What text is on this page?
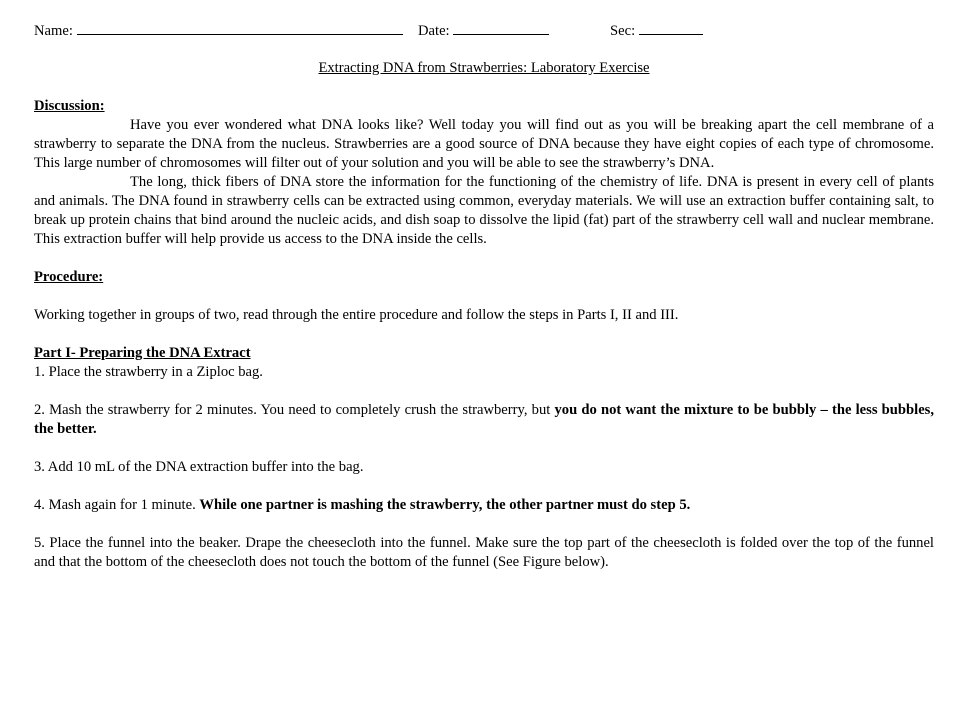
Name:	Date:	Sec:
Extracting DNA from Strawberries: Laboratory Exercise
Discussion:

Have you ever wondered what DNA looks like? Well today you will find out as you will be breaking apart the cell membrane of a strawberry to separate the DNA from the nucleus. Strawberries are a good source of DNA because they have eight copies of each type of chromosome. This large number of chromosomes will filter out of your solution and you will be able to see the strawberry’s DNA.

The long, thick fibers of DNA store the information for the functioning of the chemistry of life. DNA is present in every cell of plants and animals. The DNA found in strawberry cells can be extracted using common, everyday materials. We will use an extraction buffer containing salt, to break up protein chains that bind around the nucleic acids, and dish soap to dissolve the lipid (fat) part of the strawberry cell wall and nuclear membrane. This extraction buffer will help provide us access to the DNA inside the cells.

Procedure:

Working together in groups of two, read through the entire procedure and follow the steps in Parts I, II and III.

Part I- Preparing the DNA Extract

1. Place the strawberry in a Ziploc bag.

2. Mash the strawberry for 2 minutes. You need to completely crush the strawberry, but you do not want the mixture to be bubbly – the less bubbles, the better.

3. Add 10 mL of the DNA extraction buffer into the bag.

4. Mash again for 1 minute. While one partner is mashing the strawberry, the other partner must do step 5.

5. Place the funnel into the beaker. Drape the cheesecloth into the funnel. Make sure the top part of the cheesecloth is folded over the top of the funnel and that the bottom of the cheesecloth does not touch the bottom of the funnel (See Figure below).
